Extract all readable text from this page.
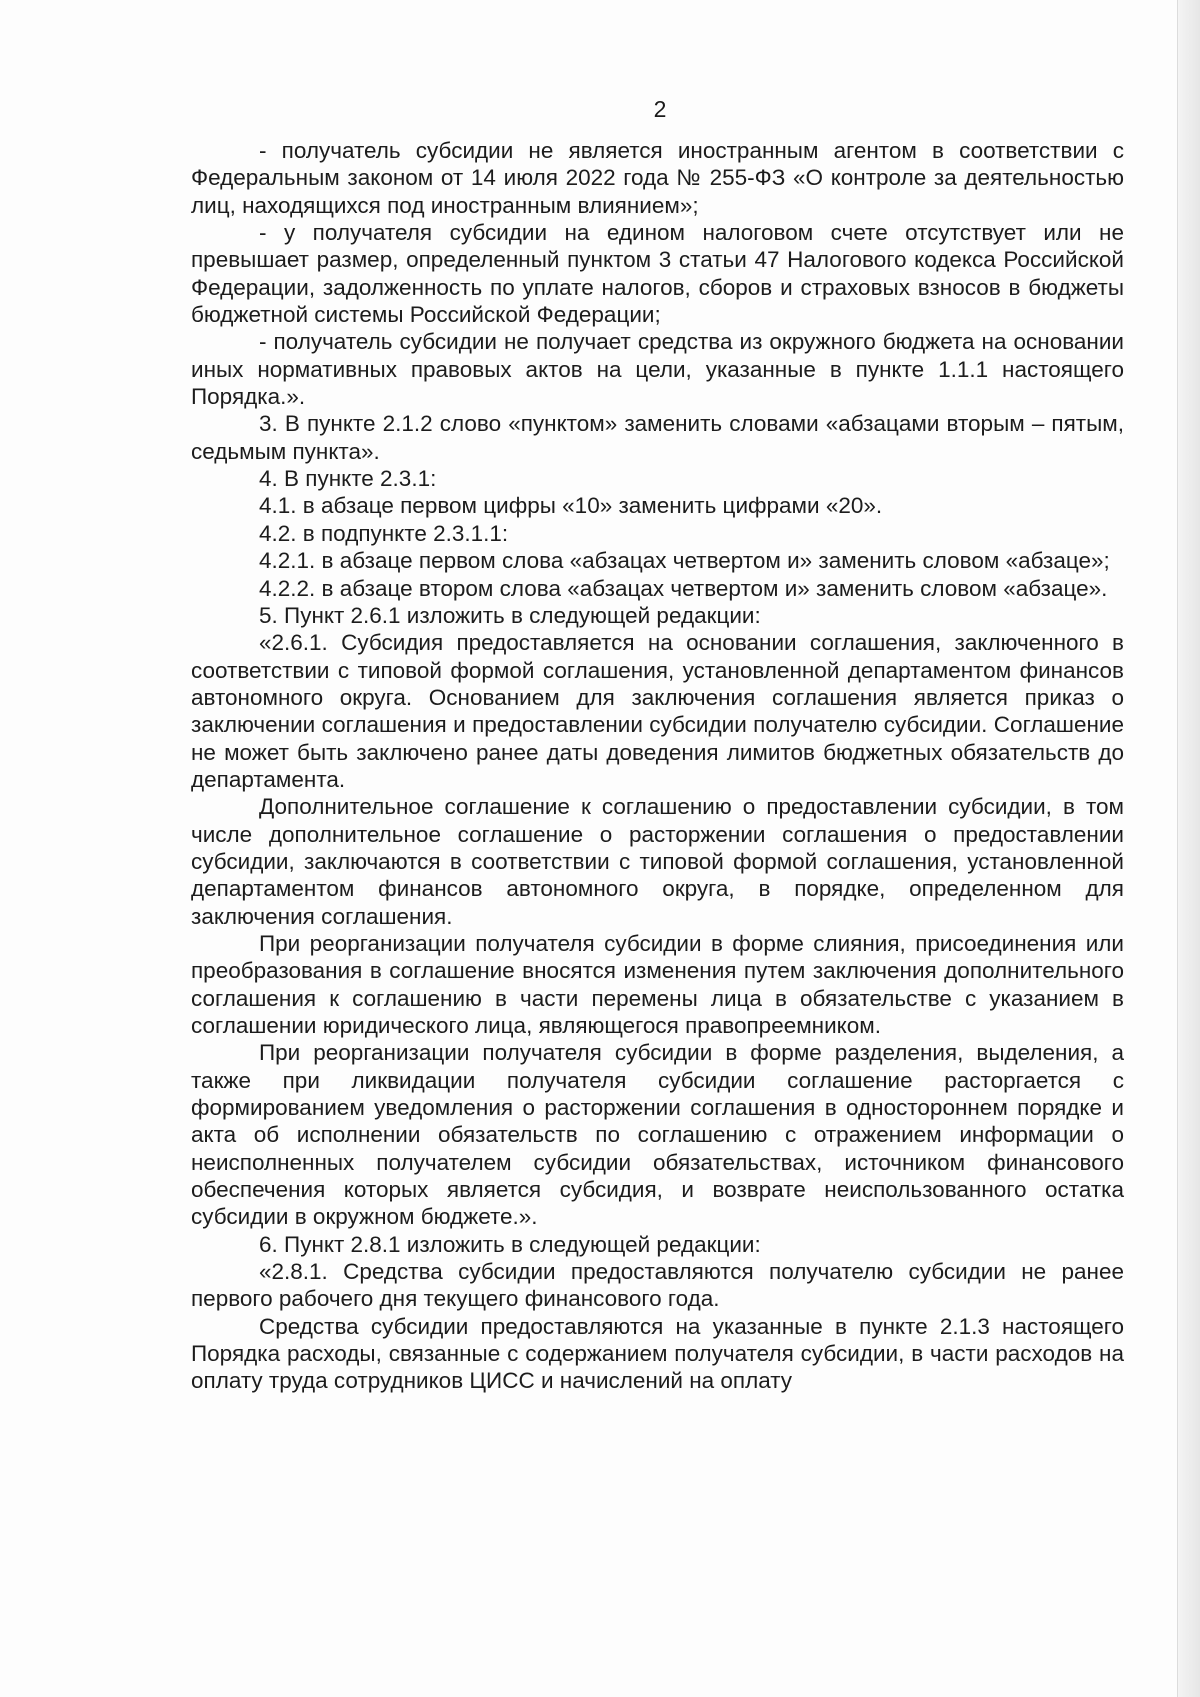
2

- получатель субсидии не является иностранным агентом в соответствии с Федеральным законом от 14 июля 2022 года № 255-ФЗ «О контроле за деятельностью лиц, находящихся под иностранным влиянием»;

- у получателя субсидии на едином налоговом счете отсутствует или не превышает размер, определенный пунктом 3 статьи 47 Налогового кодекса Российской Федерации, задолженность по уплате налогов, сборов и страховых взносов в бюджеты бюджетной системы Российской Федерации;

- получатель субсидии не получает средства из окружного бюджета на основании иных нормативных правовых актов на цели, указанные в пункте 1.1.1 настоящего Порядка.».

3. В пункте 2.1.2 слово «пунктом» заменить словами «абзацами вторым – пятым, седьмым пункта».

4. В пункте 2.3.1:

4.1. в абзаце первом цифры «10» заменить цифрами «20».

4.2. в подпункте 2.3.1.1:

4.2.1. в абзаце первом слова «абзацах четвертом и» заменить словом «абзаце»;

4.2.2. в абзаце втором слова «абзацах четвертом и» заменить словом «абзаце».

5. Пункт 2.6.1 изложить в следующей редакции:

«2.6.1. Субсидия предоставляется на основании соглашения, заключенного в соответствии с типовой формой соглашения, установленной департаментом финансов автономного округа. Основанием для заключения соглашения является приказ о заключении соглашения и предоставлении субсидии получателю субсидии. Соглашение не может быть заключено ранее даты доведения лимитов бюджетных обязательств до департамента.

Дополнительное соглашение к соглашению о предоставлении субсидии, в том числе дополнительное соглашение о расторжении соглашения о предоставлении субсидии, заключаются в соответствии с типовой формой соглашения, установленной департаментом финансов автономного округа, в порядке, определенном для заключения соглашения.

При реорганизации получателя субсидии в форме слияния, присоединения или преобразования в соглашение вносятся изменения путем заключения дополнительного соглашения к соглашению в части перемены лица в обязательстве с указанием в соглашении юридического лица, являющегося правопреемником.

При реорганизации получателя субсидии в форме разделения, выделения, а также при ликвидации получателя субсидии соглашение расторгается с формированием уведомления о расторжении соглашения в одностороннем порядке и акта об исполнении обязательств по соглашению с отражением информации о неисполненных получателем субсидии обязательствах, источником финансового обеспечения которых является субсидия, и возврате неиспользованного остатка субсидии в окружном бюджете.».

6. Пункт 2.8.1 изложить в следующей редакции:

«2.8.1. Средства субсидии предоставляются получателю субсидии не ранее первого рабочего дня текущего финансового года.

Средства субсидии предоставляются на указанные в пункте 2.1.3 настоящего Порядка расходы, связанные с содержанием получателя субсидии, в части расходов на оплату труда сотрудников ЦИСС и начислений на оплату
